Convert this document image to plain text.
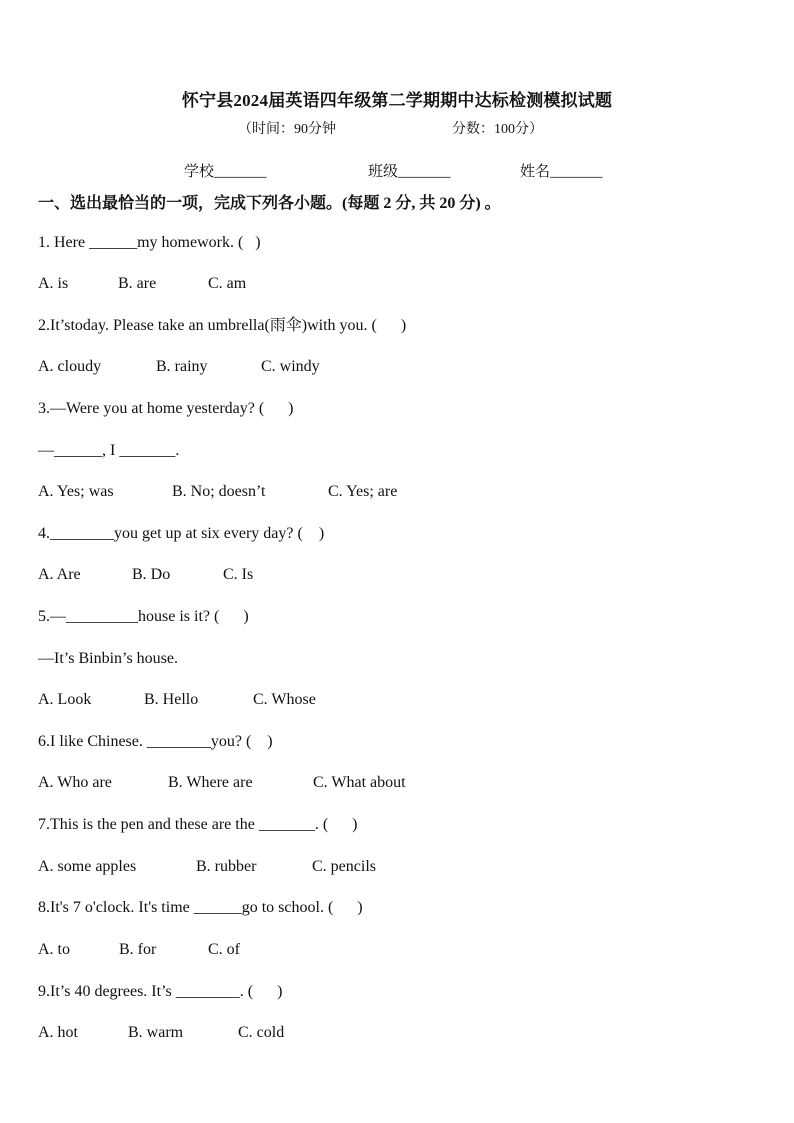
怀宁县2024届英语四年级第二学期期中达标检测模拟试题
（时间：90分钟	分数：100分）
学校_______	班级_______	姓名_______
一、选出最恰当的一项，完成下列各小题。(每题 2 分, 共 20 分) 。
1. Here ______my homework. (   )
A. is	B. are	C. am
2.It’stoday. Please take an umbrella(雨伞)with you. (      )
A. cloudy	B. rainy	C. windy
3.—Were you at home yesterday? (      )
—______, I _______.
A. Yes; was	B. No; doesn’t	C. Yes; are
4.________you get up at six every day? (    )
A. Are	B. Do	C. Is
5.—_________house is it? (      )
—It’s Binbin’s house.
A. Look	B. Hello	C. Whose
6.I like Chinese. ________you? (    )
A. Who are	B. Where are	C. What about
7.This is the pen and these are the _______. (      )
A. some apples	B. rubber	C. pencils
8.It's 7 o'clock. It's time ______go to school. (      )
A. to	B. for	C. of
9.It’s 40 degrees. It’s ________. (      )
A. hot	B. warm	C. cold
